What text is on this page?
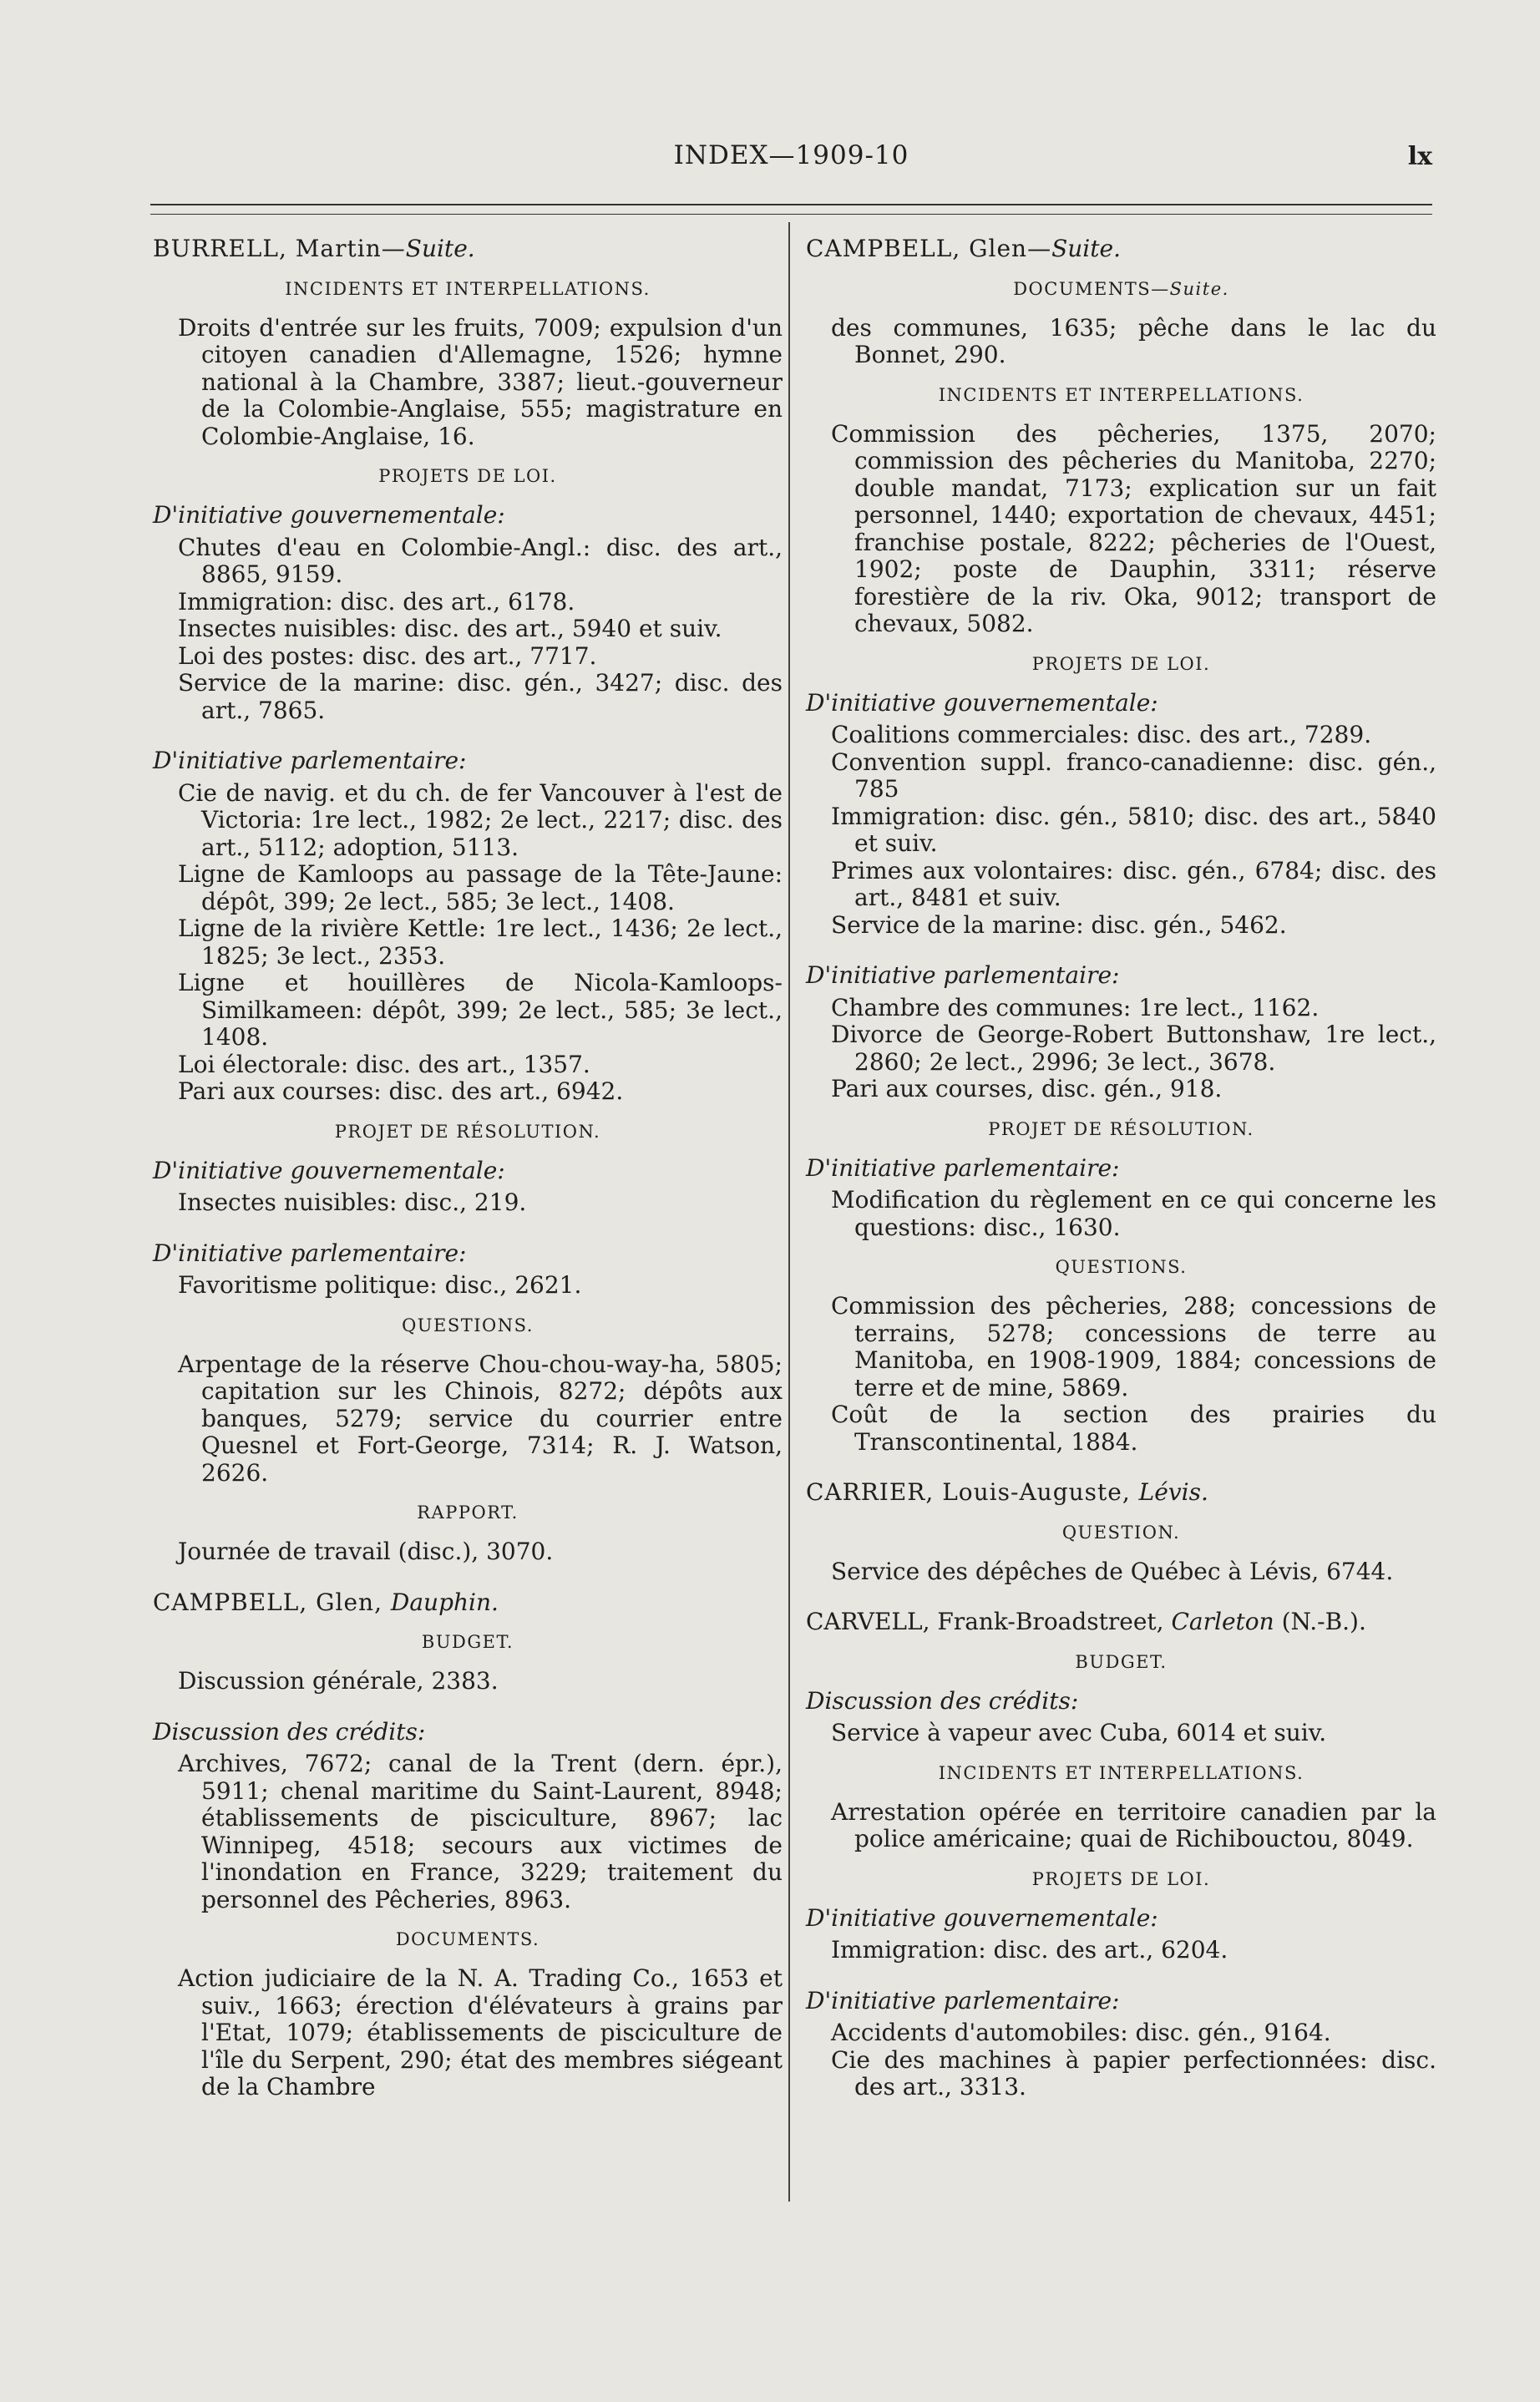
INDEX—1909-10	lx

BURRELL, Martin—Suite.

INCIDENTS ET INTERPELLATIONS.

Droits d'entrée sur les fruits, 7009; expulsion d'un citoyen canadien d'Allemagne, 1526; hymne national à la Chambre, 3387; lieut.-gouverneur de la Colombie-Anglaise, 555; magistrature en Colombie-Anglaise, 16.

PROJETS DE LOI.

D'initiative gouvernementale:

Chutes d'eau en Colombie-Angl.: disc. des art., 8865, 9159.

Immigration: disc. des art., 6178.

Insectes nuisibles: disc. des art., 5940 et suiv.

Loi des postes: disc. des art., 7717.

Service de la marine: disc. gén., 3427; disc. des art., 7865.

D'initiative parlementaire:

Cie de navig. et du ch. de fer Vancouver à l'est de Victoria: 1re lect., 1982; 2e lect., 2217; disc. des art., 5112; adoption, 5113.

Ligne de Kamloops au passage de la Tête-Jaune: dépôt, 399; 2e lect., 585; 3e lect., 1408.

Ligne de la rivière Kettle: 1re lect., 1436; 2e lect., 1825; 3e lect., 2353.

Ligne et houillères de Nicola-Kamloops-Similkameen: dépôt, 399; 2e lect., 585; 3e lect., 1408.

Loi électorale: disc. des art., 1357.

Pari aux courses: disc. des art., 6942.

PROJET DE RÉSOLUTION.

D'initiative gouvernementale:

Insectes nuisibles: disc., 219.

D'initiative parlementaire:

Favoritisme politique: disc., 2621.

QUESTIONS.

Arpentage de la réserve Chou-chou-way-ha, 5805; capitation sur les Chinois, 8272; dépôts aux banques, 5279; service du courrier entre Quesnel et Fort-George, 7314; R. J. Watson, 2626.

RAPPORT.

Journée de travail (disc.), 3070.

CAMPBELL, Glen, Dauphin.

BUDGET.

Discussion générale, 2383.

Discussion des crédits:

Archives, 7672; canal de la Trent (dern. épr.), 5911; chenal maritime du Saint-Laurent, 8948; établissements de pisciculture, 8967; lac Winnipeg, 4518; secours aux victimes de l'inondation en France, 3229; traitement du personnel des Pêcheries, 8963.

DOCUMENTS.

Action judiciaire de la N. A. Trading Co., 1653 et suiv., 1663; érection d'élévateurs à grains par l'Etat, 1079; établissements de pisciculture de l'île du Serpent, 290; état des membres siégeant de la Chambre

CAMPBELL, Glen—Suite.

DOCUMENTS—Suite.

des communes, 1635; pêche dans le lac du Bonnet, 290.

INCIDENTS ET INTERPELLATIONS.

Commission des pêcheries, 1375, 2070; commission des pêcheries du Manitoba, 2270; double mandat, 7173; explication sur un fait personnel, 1440; exportation de chevaux, 4451; franchise postale, 8222; pêcheries de l'Ouest, 1902; poste de Dauphin, 3311; réserve forestière de la riv. Oka, 9012; transport de chevaux, 5082.

PROJETS DE LOI.

D'initiative gouvernementale:

Coalitions commerciales: disc. des art., 7289.

Convention suppl. franco-canadienne: disc. gén., 785

Immigration: disc. gén., 5810; disc. des art., 5840 et suiv.

Primes aux volontaires: disc. gén., 6784; disc. des art., 8481 et suiv.

Service de la marine: disc. gén., 5462.

D'initiative parlementaire:

Chambre des communes: 1re lect., 1162.

Divorce de George-Robert Buttonshaw, 1re lect., 2860; 2e lect., 2996; 3e lect., 3678.

Pari aux courses, disc. gén., 918.

PROJET DE RÉSOLUTION.

D'initiative parlementaire:

Modification du règlement en ce qui concerne les questions: disc., 1630.

QUESTIONS.

Commission des pêcheries, 288; concessions de terrains, 5278; concessions de terre au Manitoba, en 1908-1909, 1884; concessions de terre et de mine, 5869.

Coût de la section des prairies du Transcontinental, 1884.

CARRIER, Louis-Auguste, Lévis.

QUESTION.

Service des dépêches de Québec à Lévis, 6744.

CARVELL, Frank-Broadstreet, Carleton (N.-B.).

BUDGET.

Discussion des crédits:

Service à vapeur avec Cuba, 6014 et suiv.

INCIDENTS ET INTERPELLATIONS.

Arrestation opérée en territoire canadien par la police américaine; quai de Richibouctou, 8049.

PROJETS DE LOI.

D'initiative gouvernementale:

Immigration: disc. des art., 6204.

D'initiative parlementaire:

Accidents d'automobiles: disc. gén., 9164.

Cie des machines à papier perfectionnées: disc. des art., 3313.
